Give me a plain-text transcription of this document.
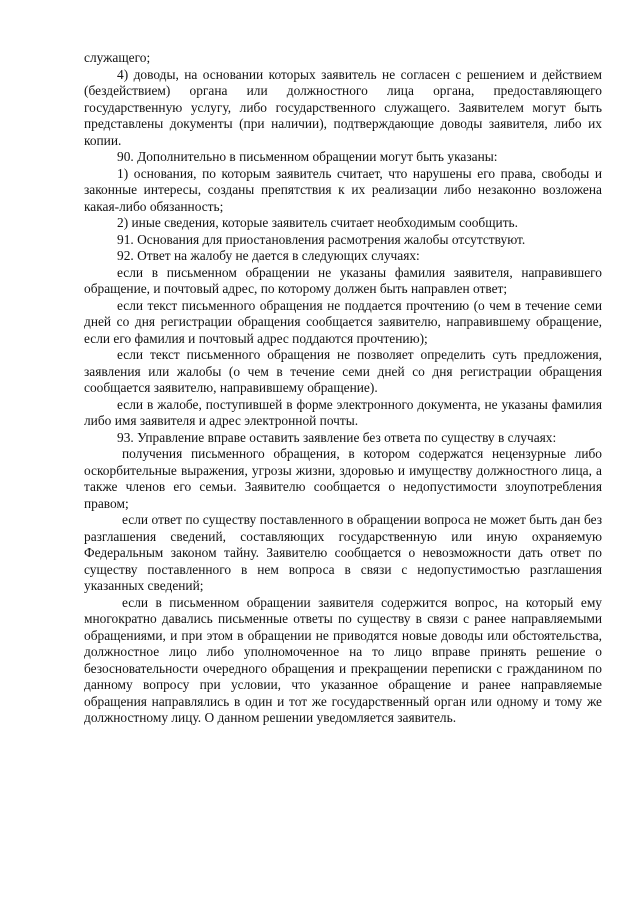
служащего;

4) доводы, на основании которых заявитель не согласен с решением и действием (бездействием) органа или должностного лица органа, предоставляющего государственную услугу, либо государственного служащего. Заявителем могут быть представлены документы (при наличии), подтверждающие доводы заявителя, либо их копии.

90. Дополнительно в письменном обращении могут быть указаны:

1) основания, по которым заявитель считает, что нарушены его права, свободы и законные интересы, созданы препятствия к их реализации либо незаконно возложена какая-либо обязанность;

2) иные сведения, которые заявитель считает необходимым сообщить.

91. Основания для приостановления расмотрения жалобы отсутствуют.

92. Ответ на жалобу не дается в следующих случаях:

если в письменном обращении не указаны фамилия заявителя, направившего обращение, и почтовый адрес, по которому должен быть направлен ответ;

если текст письменного обращения не поддается прочтению (о чем в течение семи дней со дня регистрации обращения сообщается заявителю, направившему обращение, если его фамилия и почтовый адрес поддаются прочтению);

если текст письменного обращения не позволяет определить суть предложения, заявления или жалобы (о чем в течение семи дней со дня регистрации обращения сообщается заявителю, направившему обращение).

если в жалобе, поступившей в форме электронного документа, не указаны фамилия либо имя заявителя и адрес электронной почты.

93. Управление вправе оставить заявление без ответа по существу в случаях:

получения письменного обращения, в котором содержатся нецензурные либо оскорбительные выражения, угрозы жизни, здоровью и имуществу должностного лица, а также членов его семьи. Заявителю сообщается о недопустимости злоупотребления правом;

если ответ по существу поставленного в обращении вопроса не может быть дан без разглашения сведений, составляющих государственную или иную охраняемую Федеральным законом тайну. Заявителю сообщается о невозможности дать ответ по существу поставленного в нем вопроса в связи с недопустимостью разглашения указанных сведений;

если в письменном обращении заявителя содержится вопрос, на который ему многократно давались письменные ответы по существу в связи с ранее направляемыми обращениями, и при этом в обращении не приводятся новые доводы или обстоятельства, должностное лицо либо уполномоченное на то лицо вправе принять решение о безосновательности очередного обращения и прекращении переписки с гражданином по данному вопросу при условии, что указанное обращение и ранее направляемые обращения направлялись в один и тот же государственный орган или одному и тому же должностному лицу. О данном решении уведомляется заявитель.
